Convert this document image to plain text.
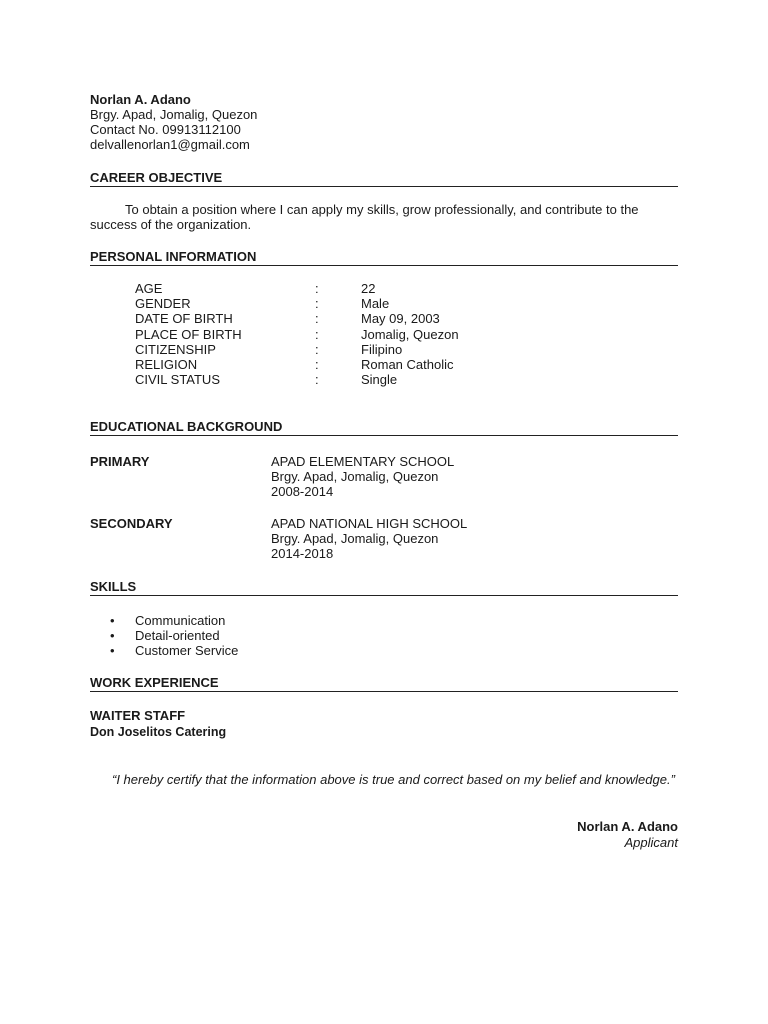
Norlan A. Adano
Brgy. Apad, Jomalig, Quezon
Contact No. 09913112100
delvallenorlan1@gmail.com
CAREER OBJECTIVE
To obtain a position where I can apply my skills, grow professionally, and contribute to the success of the organization.
PERSONAL INFORMATION
AGE	:	22
GENDER	:	Male
DATE OF BIRTH	:	May 09, 2003
PLACE OF BIRTH	:	Jomalig, Quezon
CITIZENSHIP	:	Filipino
RELIGION	:	Roman Catholic
CIVIL STATUS	:	Single
EDUCATIONAL BACKGROUND
PRIMARY	APAD ELEMENTARY SCHOOL
Brgy. Apad, Jomalig, Quezon
2008-2014
SECONDARY	APAD NATIONAL HIGH SCHOOL
Brgy. Apad, Jomalig, Quezon
2014-2018
SKILLS
• Communication
• Detail-oriented
• Customer Service
WORK EXPERIENCE
WAITER STAFF
Don Joselitos Catering
“I hereby certify that the information above is true and correct based on my belief and knowledge.”
Norlan A. Adano
Applicant
